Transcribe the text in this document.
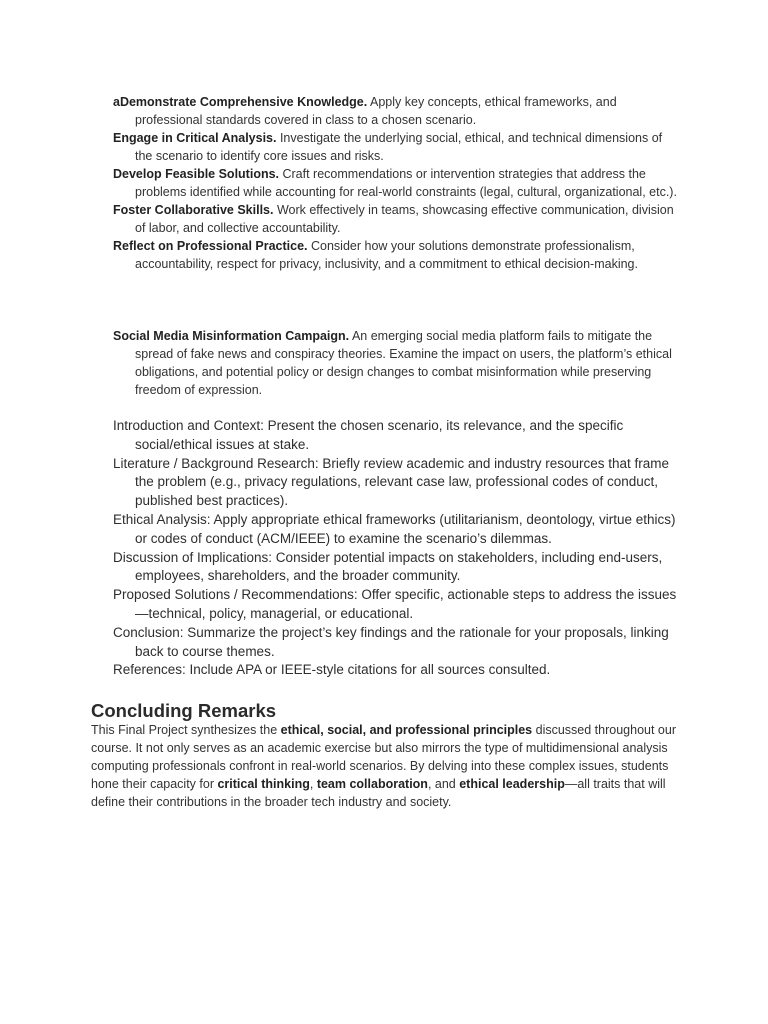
aDemonstrate Comprehensive Knowledge. Apply key concepts, ethical frameworks, and professional standards covered in class to a chosen scenario.

Engage in Critical Analysis. Investigate the underlying social, ethical, and technical dimensions of the scenario to identify core issues and risks.

Develop Feasible Solutions. Craft recommendations or intervention strategies that address the problems identified while accounting for real-world constraints (legal, cultural, organizational, etc.).

Foster Collaborative Skills. Work effectively in teams, showcasing effective communication, division of labor, and collective accountability.

Reflect on Professional Practice. Consider how your solutions demonstrate professionalism, accountability, respect for privacy, inclusivity, and a commitment to ethical decision-making.

Social Media Misinformation Campaign. An emerging social media platform fails to mitigate the spread of fake news and conspiracy theories. Examine the impact on users, the platform’s ethical obligations, and potential policy or design changes to combat misinformation while preserving freedom of expression.

Introduction and Context: Present the chosen scenario, its relevance, and the specific social/ethical issues at stake.

Literature / Background Research: Briefly review academic and industry resources that frame the problem (e.g., privacy regulations, relevant case law, professional codes of conduct, published best practices).

Ethical Analysis: Apply appropriate ethical frameworks (utilitarianism, deontology, virtue ethics) or codes of conduct (ACM/IEEE) to examine the scenario’s dilemmas.

Discussion of Implications: Consider potential impacts on stakeholders, including end-users, employees, shareholders, and the broader community.

Proposed Solutions / Recommendations: Offer specific, actionable steps to address the issues—technical, policy, managerial, or educational.

Conclusion: Summarize the project’s key findings and the rationale for your proposals, linking back to course themes.

References: Include APA or IEEE-style citations for all sources consulted.

Concluding Remarks

This Final Project synthesizes the ethical, social, and professional principles discussed throughout our course. It not only serves as an academic exercise but also mirrors the type of multidimensional analysis computing professionals confront in real-world scenarios. By delving into these complex issues, students hone their capacity for critical thinking, team collaboration, and ethical leadership—all traits that will define their contributions in the broader tech industry and society.
